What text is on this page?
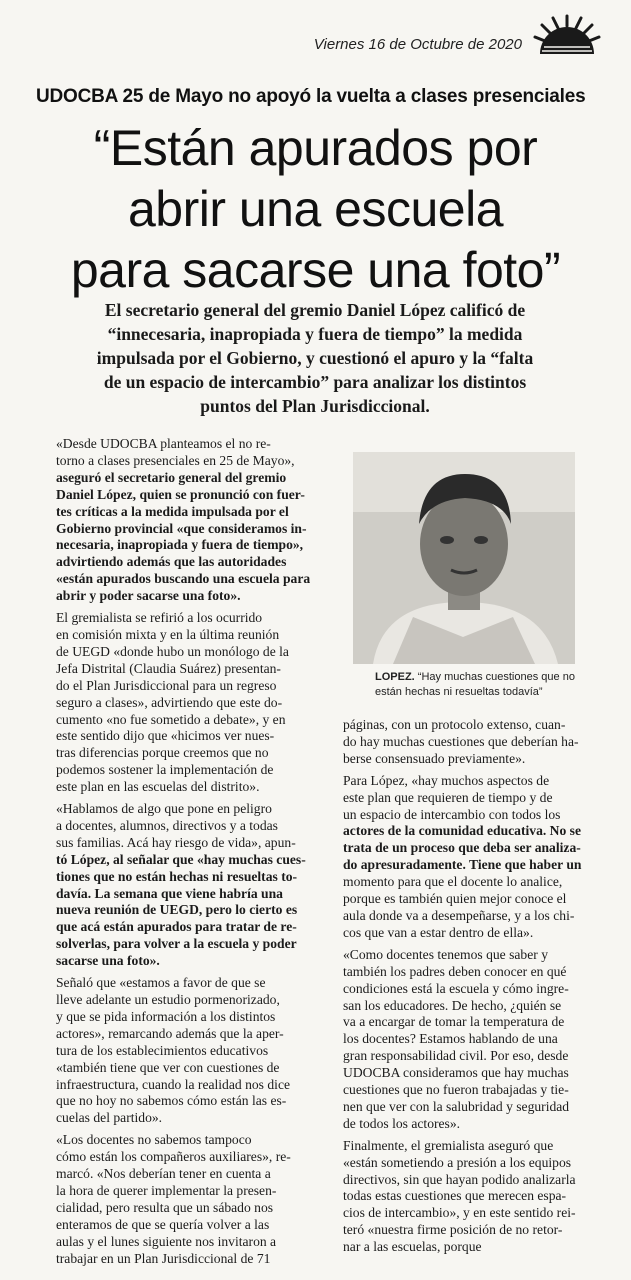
Viernes 16 de Octubre de 2020
UDOCBA 25 de Mayo no apoyó la vuelta a clases presenciales
“Están apurados por
abrir una escuela
para sacarse una foto”
El secretario general del gremio Daniel López calificó de
“innecesaria, inapropiada y fuera de tiempo” la medida
impulsada por el Gobierno, y cuestionó el apuro y la “falta
de un espacio de intercambio” para analizar los distintos
puntos del Plan Jurisdiccional.
«Desde UDOCBA planteamos el no re-
torno a clases presenciales en 25 de Mayo»,
aseguró el secretario general del gremio
Daniel López, quien se pronunció con fuer-
tes críticas a la medida impulsada por el
Gobierno provincial «que consideramos in-
necesaria, inapropiada y fuera de tiempo»,
advirtiendo además que las autoridades
«están apurados buscando una escuela para
abrir y poder sacarse una foto».
El gremialista se refirió a los ocurrido
en comisión mixta y en la última reunión
de UEGD «donde hubo un monólogo de la
Jefa Distrital (Claudia Suárez) presentan-
do el Plan Jurisdiccional para un regreso
seguro a clases», advirtiendo que este do-
cumento «no fue sometido a debate», y en
este sentido dijo que «hicimos ver nues-
tras diferencias porque creemos que no
podemos sostener la implementación de
este plan en las escuelas del distrito».
«Hablamos de algo que pone en peligro
a docentes, alumnos, directivos y a todas
sus familias. Acá hay riesgo de vida», apun-
tó López, al señalar que «hay muchas cues-
tiones que no están hechas ni resueltas to-
davía. La semana que viene habría una
nueva reunión de UEGD, pero lo cierto es
que acá están apurados para tratar de re-
solverlas, para volver a la escuela y poder
sacarse una foto».
Señaló que «estamos a favor de que se
lleve adelante un estudio pormenorizado,
y que se pida información a los distintos
actores», remarcando además que la aper-
tura de los establecimientos educativos
«también tiene que ver con cuestiones de
infraestructura, cuando la realidad nos dice
que no hoy no sabemos cómo están las es-
cuelas del partido».
«Los docentes no sabemos tampoco
cómo están los compañeros auxiliares», re-
marcó. «Nos deberían tener en cuenta a
la hora de querer implementar la presen-
cialidad, pero resulta que un sábado nos
enteramos de que se quería volver a las
aulas y el lunes siguiente nos invitaron a
trabajar en un Plan Jurisdiccional de 71
LOPEZ. “Hay muchas cuestiones que no
están hechas ni resueltas todavía”
páginas, con un protocolo extenso, cuan-
do hay muchas cuestiones que deberían ha-
berse consensuado previamente».
Para López, «hay muchos aspectos de
este plan que requieren de tiempo y de
un espacio de intercambio con todos los
actores de la comunidad educativa. No se
trata de un proceso que deba ser analiza-
do apresuradamente. Tiene que haber un
momento para que el docente lo analice,
porque es también quien mejor conoce el
aula donde va a desempeñarse, y a los chi-
cos que van a estar dentro de ella».
«Como docentes tenemos que saber y
también los padres deben conocer en qué
condiciones está la escuela y cómo ingre-
san los educadores. De hecho, ¿quién se
va a encargar de tomar la temperatura de
los docentes? Estamos hablando de una
gran responsabilidad civil. Por eso, desde
UDOCBA consideramos que hay muchas
cuestiones que no fueron trabajadas y tie-
nen que ver con la salubridad y seguridad
de todos los actores».
Finalmente, el gremialista aseguró que
«están sometiendo a presión a los equipos
directivos, sin que hayan podido analizarla
todas estas cuestiones que merecen espa-
cios de intercambio», y en este sentido rei-
teró «nuestra firme posición de no retor-
nar a las escuelas, porque
